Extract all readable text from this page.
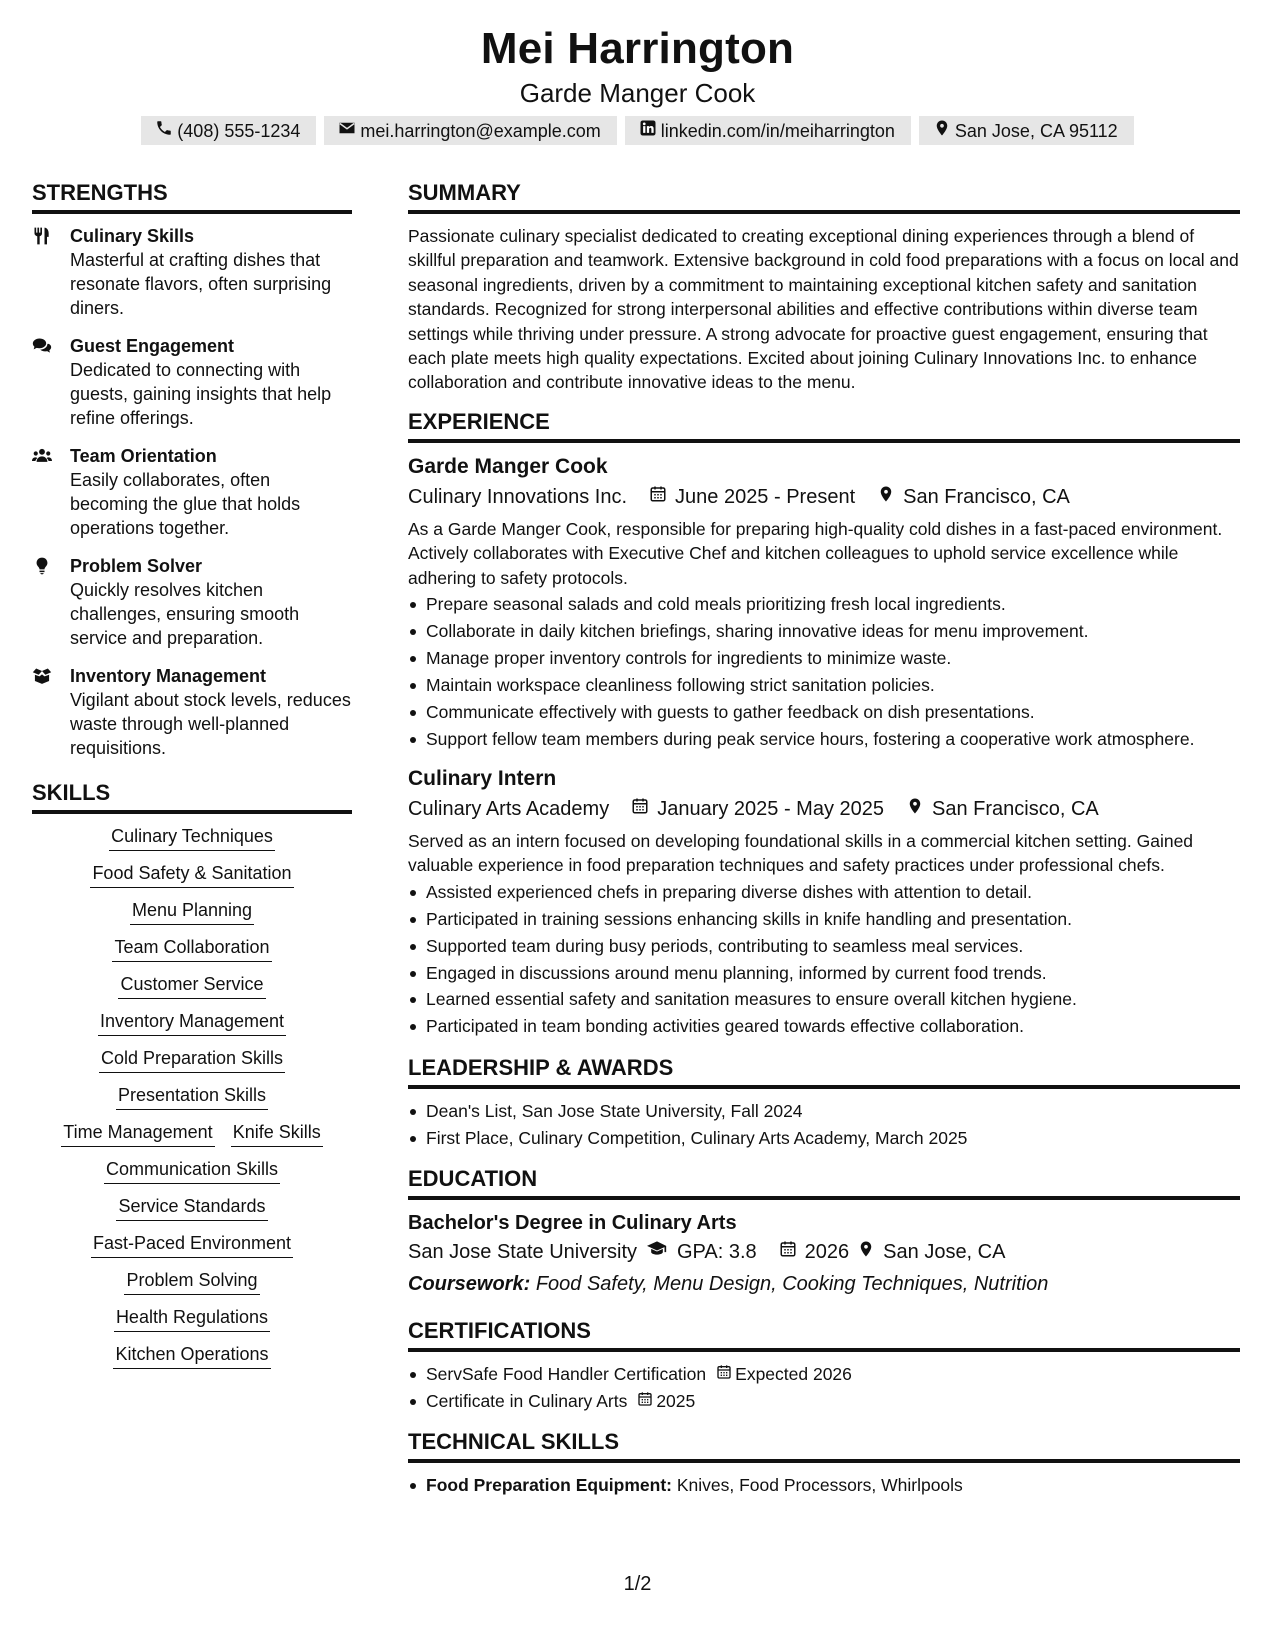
Mei Harrington
Garde Manger Cook
(408) 555-1234	mei.harrington@example.com	linkedin.com/in/meiharrington	San Jose, CA 95112
STRENGTHS
Culinary Skills
Masterful at crafting dishes that resonate flavors, often surprising diners.
Guest Engagement
Dedicated to connecting with guests, gaining insights that help refine offerings.
Team Orientation
Easily collaborates, often becoming the glue that holds operations together.
Problem Solver
Quickly resolves kitchen challenges, ensuring smooth service and preparation.
Inventory Management
Vigilant about stock levels, reduces waste through well-planned requisitions.
SKILLS
Culinary Techniques
Food Safety & Sanitation
Menu Planning
Team Collaboration
Customer Service
Inventory Management
Cold Preparation Skills
Presentation Skills
Time Management Knife Skills
Communication Skills
Service Standards
Fast-Paced Environment
Problem Solving
Health Regulations
Kitchen Operations
SUMMARY
Passionate culinary specialist dedicated to creating exceptional dining experiences through a blend of skillful preparation and teamwork. Extensive background in cold food preparations with a focus on local and seasonal ingredients, driven by a commitment to maintaining exceptional kitchen safety and sanitation standards. Recognized for strong interpersonal abilities and effective contributions within diverse team settings while thriving under pressure. A strong advocate for proactive guest engagement, ensuring that each plate meets high quality expectations. Excited about joining Culinary Innovations Inc. to enhance collaboration and contribute innovative ideas to the menu.
EXPERIENCE
Garde Manger Cook
Culinary Innovations Inc. June 2025 - Present San Francisco, CA
As a Garde Manger Cook, responsible for preparing high-quality cold dishes in a fast-paced environment. Actively collaborates with Executive Chef and kitchen colleagues to uphold service excellence while adhering to safety protocols.
Prepare seasonal salads and cold meals prioritizing fresh local ingredients.
Collaborate in daily kitchen briefings, sharing innovative ideas for menu improvement.
Manage proper inventory controls for ingredients to minimize waste.
Maintain workspace cleanliness following strict sanitation policies.
Communicate effectively with guests to gather feedback on dish presentations.
Support fellow team members during peak service hours, fostering a cooperative work atmosphere.
Culinary Intern
Culinary Arts Academy January 2025 - May 2025 San Francisco, CA
Served as an intern focused on developing foundational skills in a commercial kitchen setting. Gained valuable experience in food preparation techniques and safety practices under professional chefs.
Assisted experienced chefs in preparing diverse dishes with attention to detail.
Participated in training sessions enhancing skills in knife handling and presentation.
Supported team during busy periods, contributing to seamless meal services.
Engaged in discussions around menu planning, informed by current food trends.
Learned essential safety and sanitation measures to ensure overall kitchen hygiene.
Participated in team bonding activities geared towards effective collaboration.
LEADERSHIP & AWARDS
Dean's List, San Jose State University, Fall 2024
First Place, Culinary Competition, Culinary Arts Academy, March 2025
EDUCATION
Bachelor's Degree in Culinary Arts
San Jose State University GPA: 3.8 2026 San Jose, CA
Coursework: Food Safety, Menu Design, Cooking Techniques, Nutrition
CERTIFICATIONS
ServSafe Food Handler Certification Expected 2026
Certificate in Culinary Arts 2025
TECHNICAL SKILLS
Food Preparation Equipment: Knives, Food Processors, Whirlpools
1/2
